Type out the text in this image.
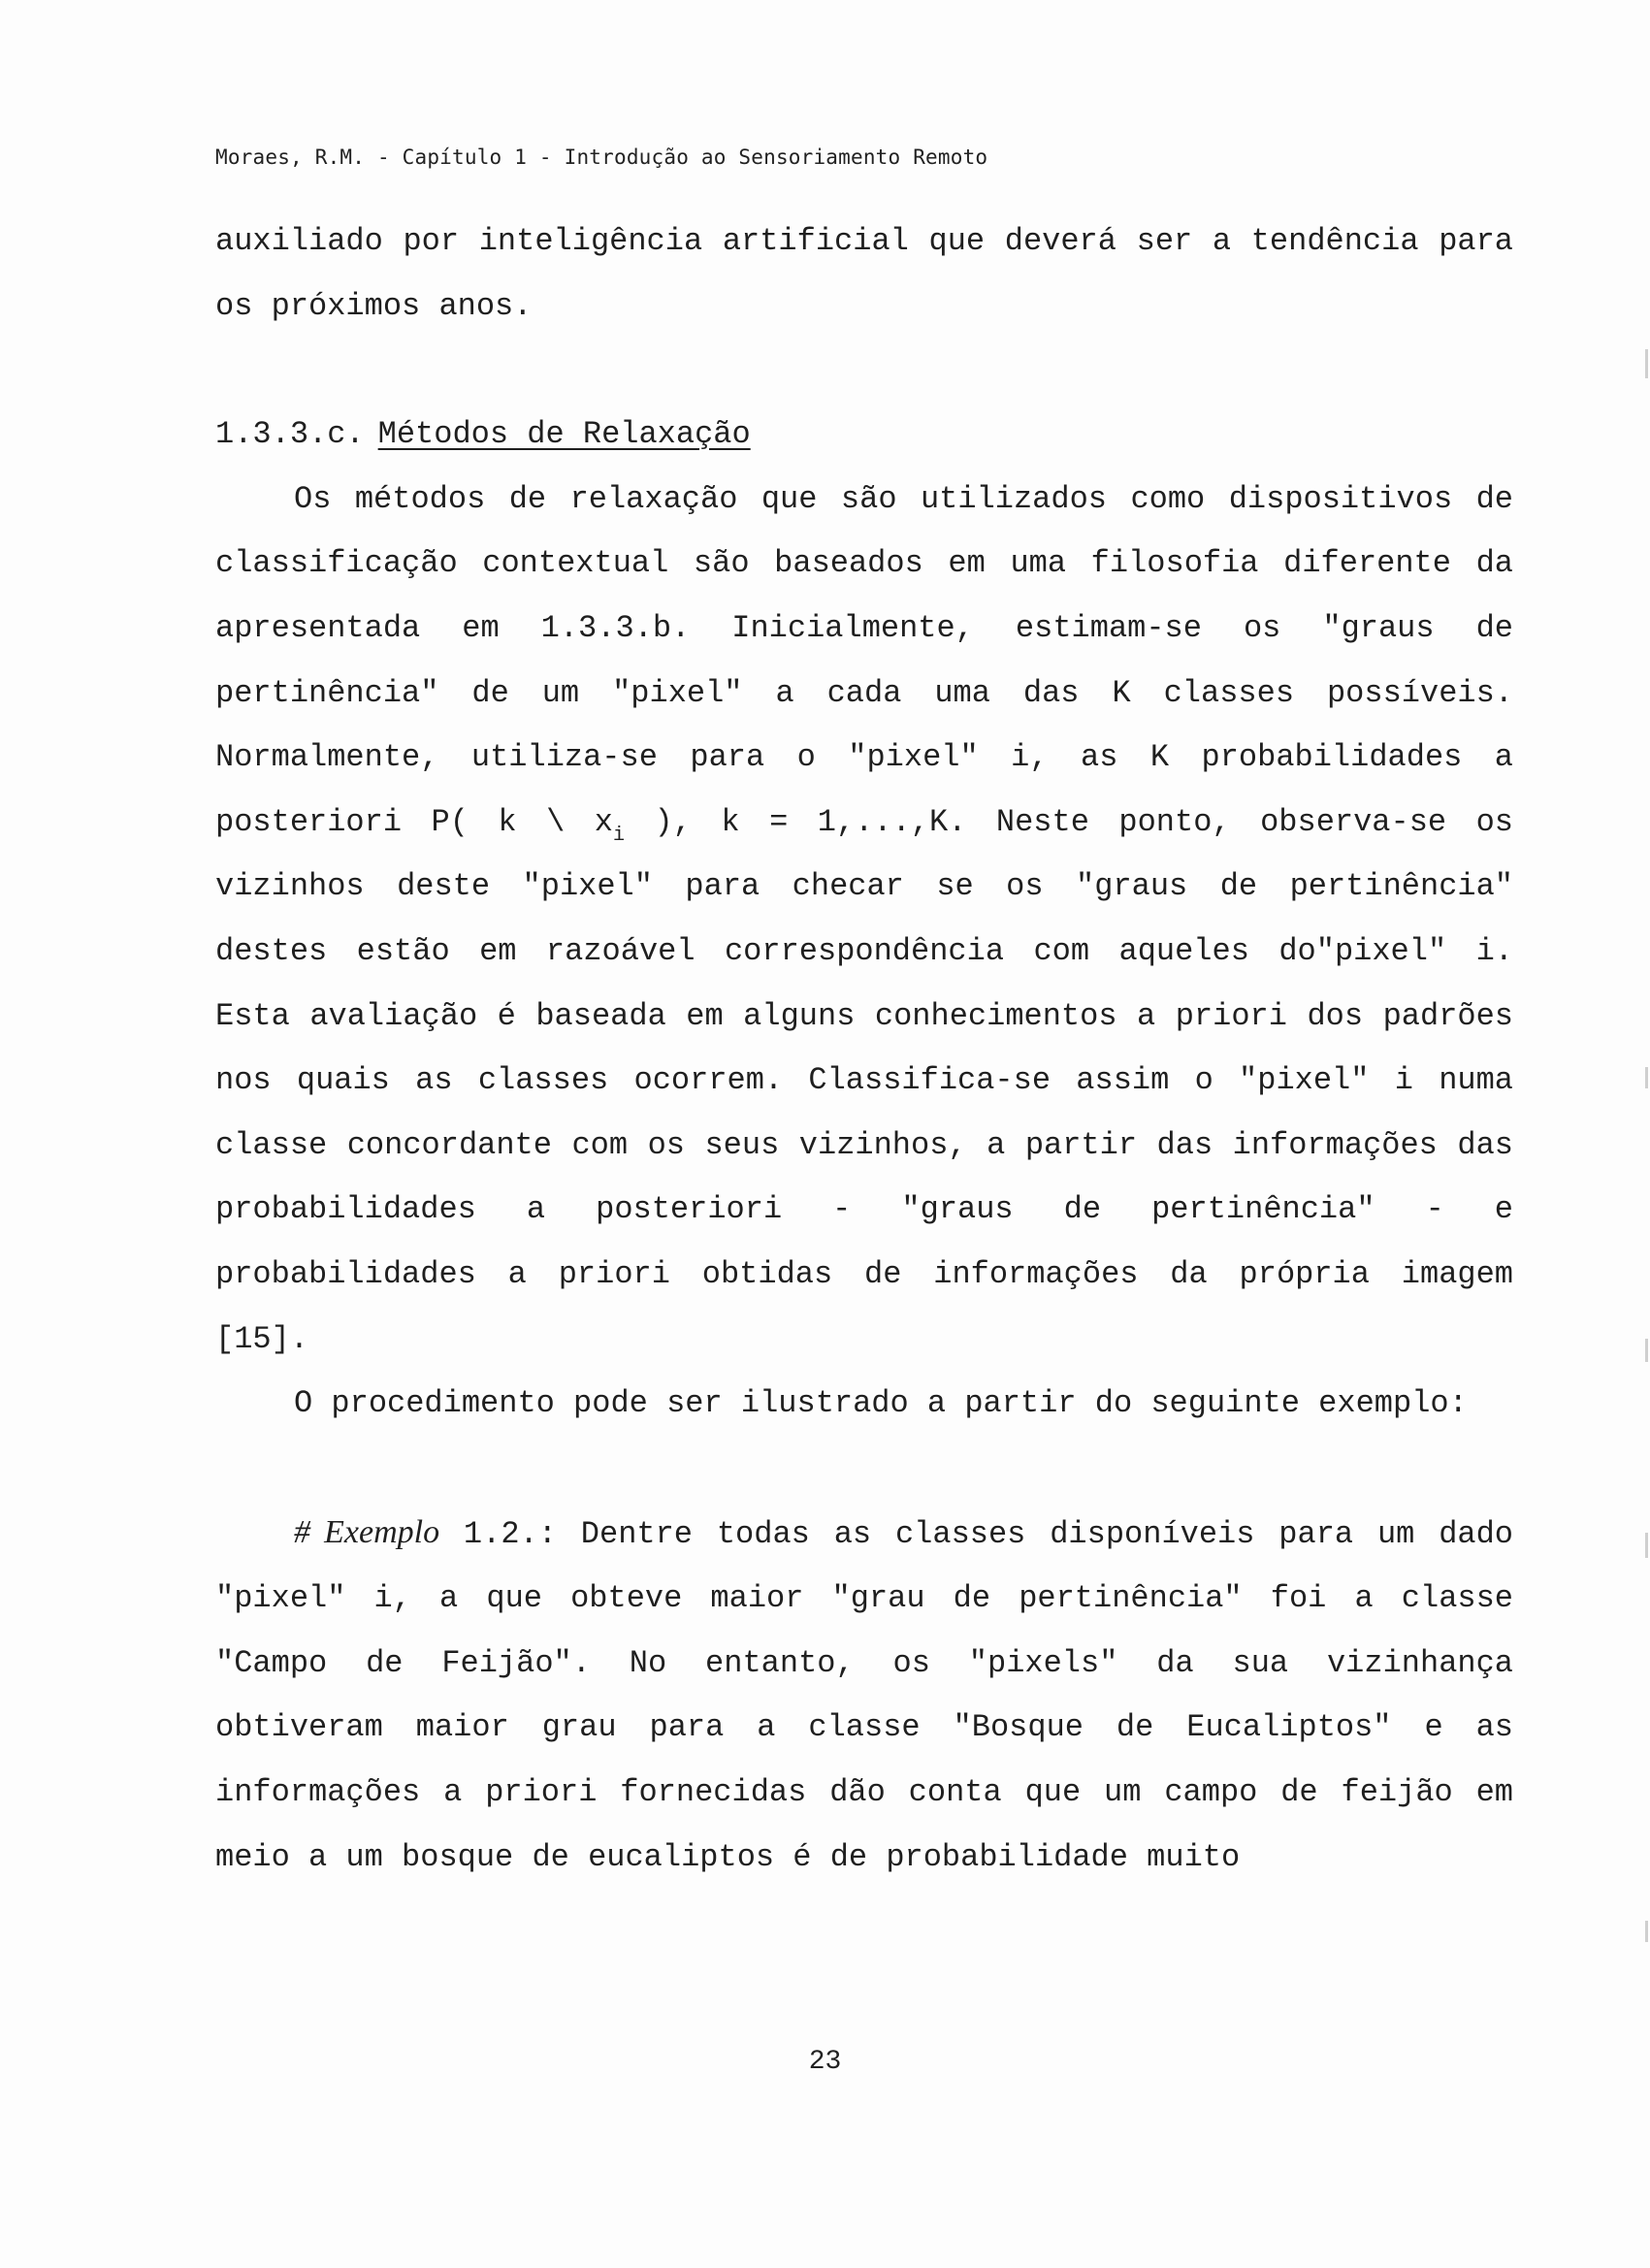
Moraes, R.M. - Capítulo 1 - Introdução ao Sensoriamento Remoto

auxiliado por inteligência artificial que deverá ser a tendência para os próximos anos.

1.3.3.c. Métodos de Relaxação

Os métodos de relaxação que são utilizados como dispositivos de classificação contextual são baseados em uma filosofia diferente da apresentada em 1.3.3.b. Inicialmente, estimam-se os "graus de pertinência" de um "pixel" a cada uma das K classes possíveis. Normalmente, utiliza-se para o "pixel" i, as K probabilidades a posteriori P( k \ $x_i$ ), k = 1,...,K. Neste ponto, observa-se os vizinhos deste "pixel" para checar se os "graus de pertinência" destes estão em razoável correspondência com aqueles do"pixel" i. Esta avaliação é baseada em alguns conhecimentos a priori dos padrões nos quais as classes ocorrem. Classifica-se assim o "pixel" i numa classe concordante com os seus vizinhos, a partir das informações das probabilidades a posteriori - "graus de pertinência" - e probabilidades a priori obtidas de informações da própria imagem [15].

O procedimento pode ser ilustrado a partir do seguinte exemplo:

# Exemplo 1.2.: Dentre todas as classes disponíveis para um dado "pixel" i, a que obteve maior "grau de pertinência" foi a classe "Campo de Feijão". No entanto, os "pixels" da sua vizinhança obtiveram maior grau para a classe "Bosque de Eucaliptos" e as informações a priori fornecidas dão conta que um campo de feijão em meio a um bosque de eucaliptos é de probabilidade muito

23
